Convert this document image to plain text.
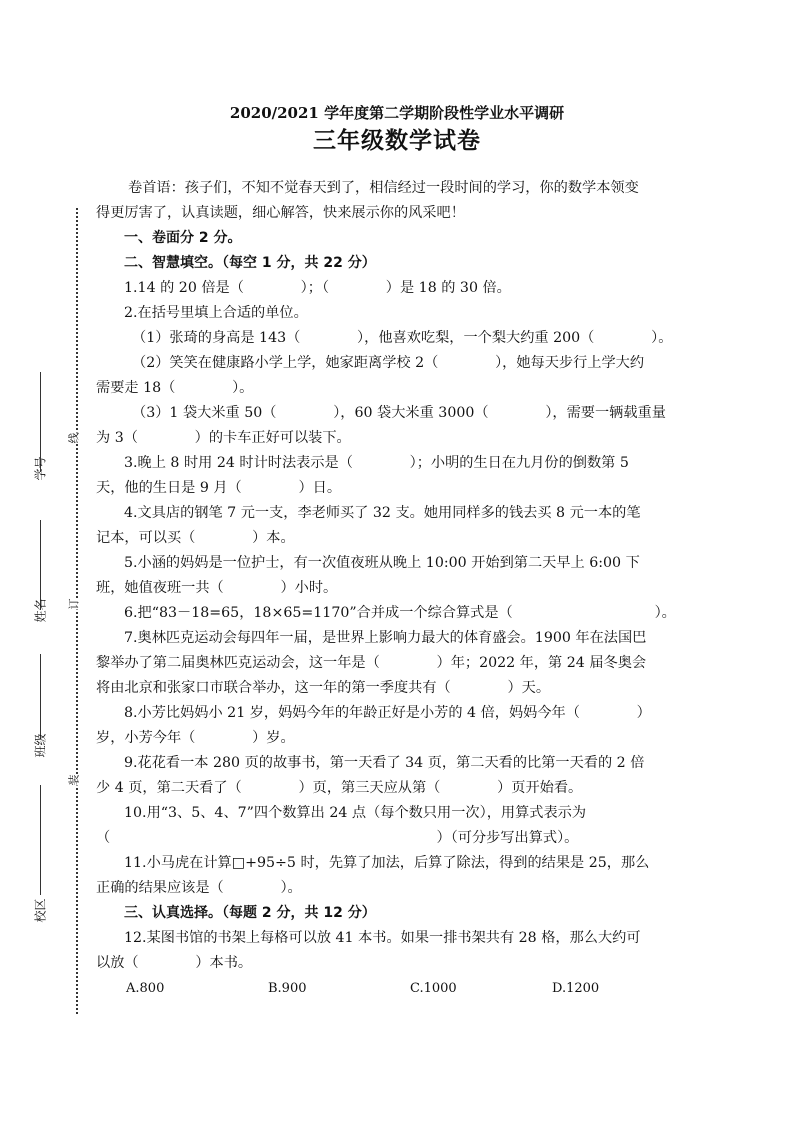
学号
姓名
班级
校区
线
订
装
2020/2021 学年度第二学期阶段性学业水平调研
三年级数学试卷
卷首语：孩子们，不知不觉春天到了，相信经过一段时间的学习，你的数学本领变
得更厉害了，认真读题，细心解答，快来展示你的风采吧！
一、卷面分 2 分。
二、智慧填空。（每空 1 分，共 22 分）
1.14 的 20 倍是（　　　　）；（　　　　）是 18 的 30 倍。
2.在括号里填上合适的单位。
（1）张琦的身高是 143（　　　　），他喜欢吃梨，一个梨大约重 200（　　　　）。
（2）笑笑在健康路小学上学，她家距离学校 2（　　　　），她每天步行上学大约
需要走 18（　　　　）。
（3）1 袋大米重 50（　　　　），60 袋大米重 3000（　　　　），需要一辆载重量
为 3（　　　　）的卡车正好可以装下。
3.晚上 8 时用 24 时计时法表示是（　　　　）；小明的生日在九月份的倒数第 5
天，他的生日是 9 月（　　　　）日。
4.文具店的钢笔 7 元一支，李老师买了 32 支。她用同样多的钱去买 8 元一本的笔
记本，可以买（　　　　）本。
5.小涵的妈妈是一位护士，有一次值夜班从晚上 10:00 开始到第二天早上 6:00 下
班，她值夜班一共（　　　　）小时。
6.把“83－18=65，18×65=1170”合并成一个综合算式是（　　　　　　　　　　）。
7.奥林匹克运动会每四年一届，是世界上影响力最大的体育盛会。1900 年在法国巴
黎举办了第二届奥林匹克运动会，这一年是（　　　　）年；2022 年，第 24 届冬奥会
将由北京和张家口市联合举办，这一年的第一季度共有（　　　　）天。
8.小芳比妈妈小 21 岁，妈妈今年的年龄正好是小芳的 4 倍，妈妈今年（　　　　）
岁，小芳今年（　　　　）岁。
9.花花看一本 280 页的故事书，第一天看了 34 页，第二天看的比第一天看的 2 倍
少 4 页，第二天看了（　　　　）页，第三天应从第（　　　　）页开始看。
10.用“3、5、4、7”四个数算出 24 点（每个数只用一次），用算式表示为
（　　　　　　　　　　　　　　　　　　　　　　　）（可分步写出算式）。
11.小马虎在计算□+95÷5 时，先算了加法，后算了除法，得到的结果是 25，那么
正确的结果应该是（　　　　）。
三、认真选择。（每题 2 分，共 12 分）
12.某图书馆的书架上每格可以放 41 本书。如果一排书架共有 28 格，那么大约可
以放（　　　　）本书。
A.800	B.900	C.1000	D.1200
